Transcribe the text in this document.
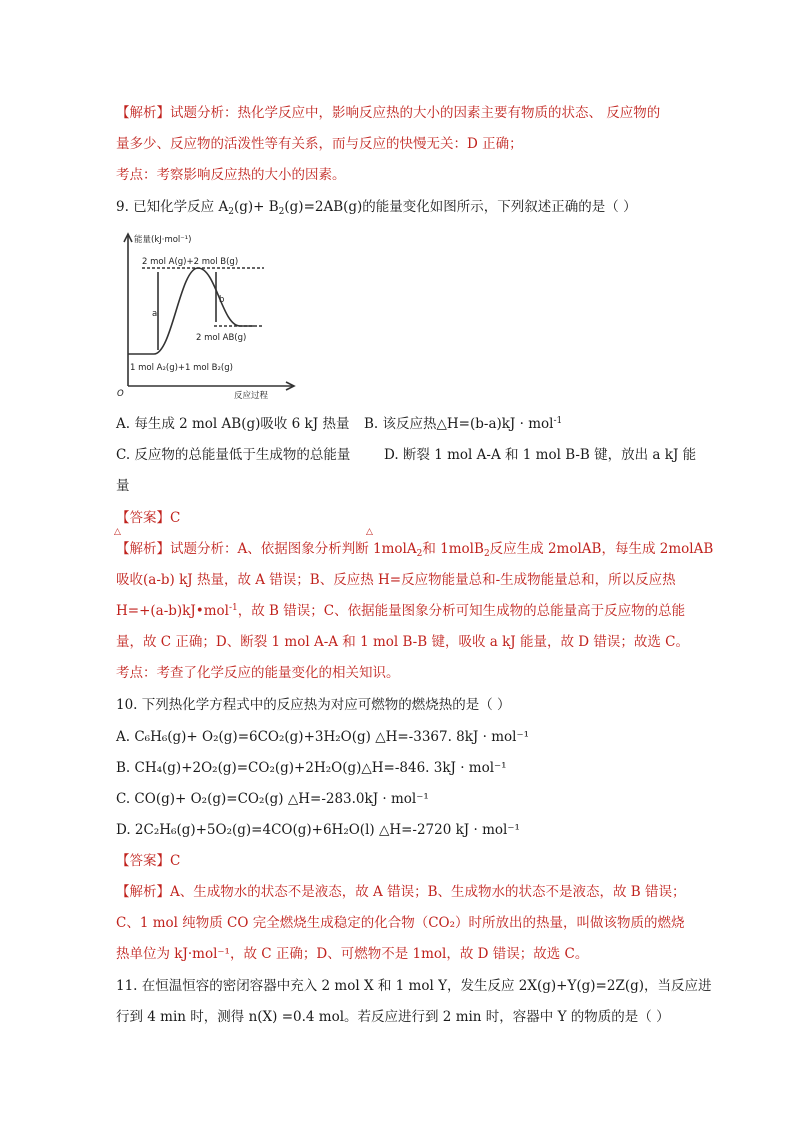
【解析】试题分析：热化学反应中，影响反应热的大小的因素主要有物质的状态、 反应物的
量多少、反应物的活泼性等有关系，而与反应的快慢无关：D 正确；
考点：考察影响反应热的大小的因素。
9. 已知化学反应 $A_2(g)+ B_2(g)=2AB(g)$的能量变化如图所示，下列叙述正确的是（ ）
能量(kJ·mol⁻¹)
2 mol A(g)+2 mol B(g)
2 mol AB(g)
1 mol A₂(g)+1 mol B₂(g)
反应过程
O
a
b
A. 每生成 2 mol AB(g)吸收 6 kJ 热量 B. 该反应热△H=(b-a)kJ · mol$^{-1}$
C. 反应物的总能量低于生成物的总能量 D. 断裂 1 mol A-A 和 1 mol B-B 键，放出 a kJ 能
量
【答案】C
【解析】试题分析：A、依据图象分析判断 1molA$_2$和 1molB$_2$反应生成 2molAB，每生成 2molAB
△	△
吸收(a-b) kJ 热量，故 A 错误；B、反应热 H=反应物能量总和-生成物能量总和，所以反应热
H=+(a-b)kJ•mol$^{-1}$，故 B 错误；C、依据能量图象分析可知生成物的总能量高于反应物的总能
量，故 C 正确；D、断裂 1 mol A-A 和 1 mol B-B 键，吸收 a kJ 能量，故 D 错误；故选 C。
考点：考查了化学反应的能量变化的相关知识。
10. 下列热化学方程式中的反应热为对应可燃物的燃烧热的是（ ）
A. C₆H₆(g)+ O₂(g)=6CO₂(g)+3H₂O(g) △H=-3367. 8kJ · mol⁻¹
B. CH₄(g)+2O₂(g)=CO₂(g)+2H₂O(g)△H=-846. 3kJ · mol⁻¹
C. CO(g)+ O₂(g)=CO₂(g) △H=-283.0kJ · mol⁻¹
D. 2C₂H₆(g)+5O₂(g)=4CO(g)+6H₂O(l) △H=-2720 kJ · mol⁻¹
【答案】C
【解析】A、生成物水的状态不是液态，故 A 错误；B、生成物水的状态不是液态，故 B 错误；
C、1 mol 纯物质 CO 完全燃烧生成稳定的化合物（CO₂）时所放出的热量，叫做该物质的燃烧
热单位为 kJ·mol⁻¹，故 C 正确；D、可燃物不是 1mol，故 D 错误；故选 C。
11. 在恒温恒容的密闭容器中充入 2 mol X 和 1 mol Y，发生反应 2X(g)+Y(g)=2Z(g)，当反应进
行到 4 min 时，测得 n(X) =0.4 mol。若反应进行到 2 min 时，容器中 Y 的物质的是（ ）
